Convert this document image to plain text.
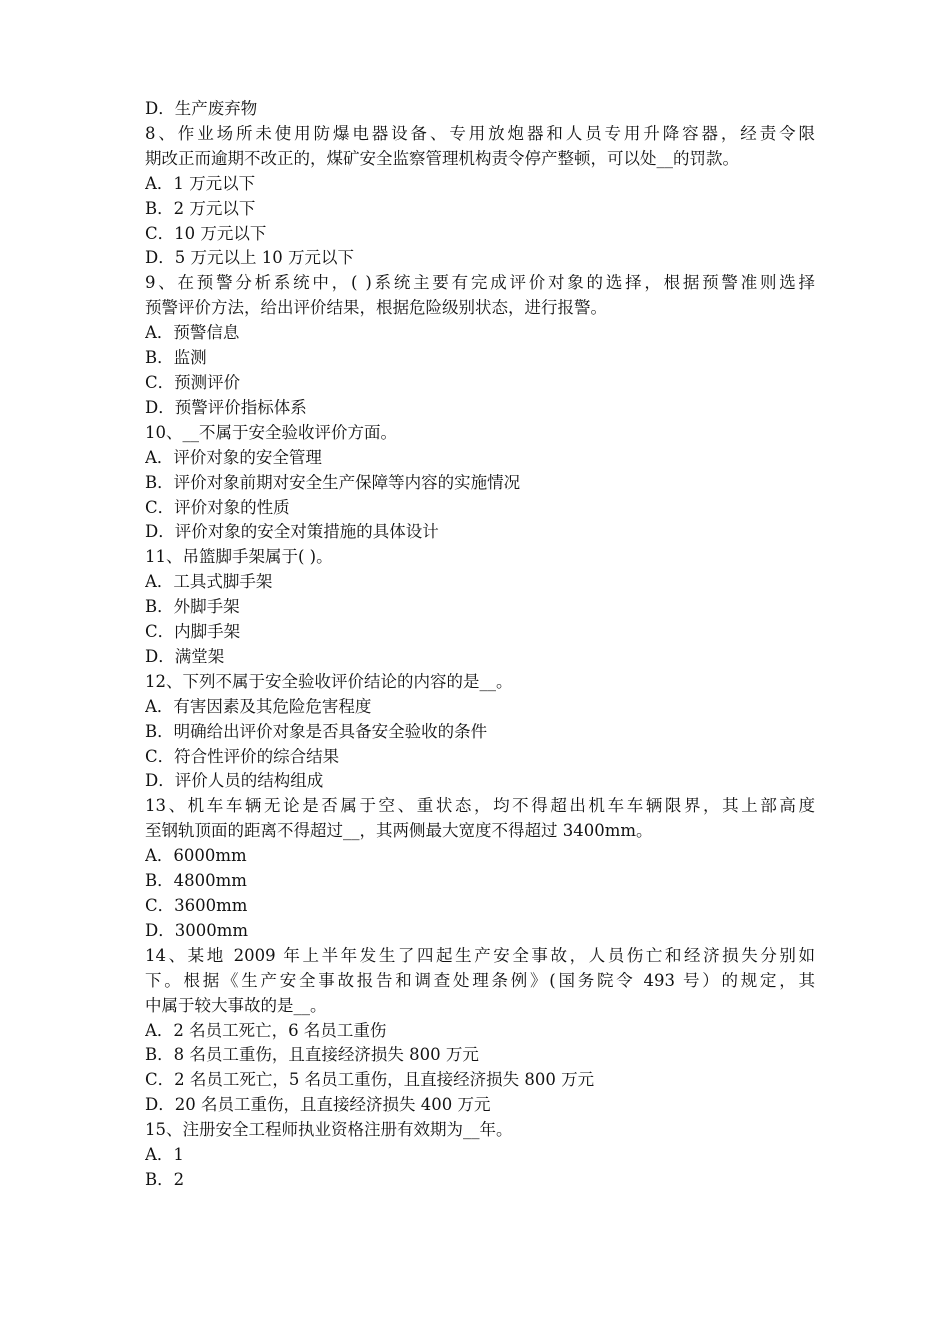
D．生产废弃物
8、作业场所未使用防爆电器设备、专用放炮器和人员专用升降容器，经责令限
期改正而逾期不改正的，煤矿安全监察管理机构责令停产整顿，可以处__的罚款。
A．1 万元以下
B．2 万元以下
C．10 万元以下
D．5 万元以上 10 万元以下
9、在预警分析系统中，( )系统主要有完成评价对象的选择，根据预警准则选择
预警评价方法，给出评价结果，根据危险级别状态，进行报警。
A．预警信息
B．监测
C．预测评价
D．预警评价指标体系
10、__不属于安全验收评价方面。
A．评价对象的安全管理
B．评价对象前期对安全生产保障等内容的实施情况
C．评价对象的性质
D．评价对象的安全对策措施的具体设计
11、吊篮脚手架属于( )。
A．工具式脚手架
B．外脚手架
C．内脚手架
D．满堂架
12、下列不属于安全验收评价结论的内容的是__。
A．有害因素及其危险危害程度
B．明确给出评价对象是否具备安全验收的条件
C．符合性评价的综合结果
D．评价人员的结构组成
13、机车车辆无论是否属于空、重状态，均不得超出机车车辆限界，其上部高度
至钢轨顶面的距离不得超过__，其两侧最大宽度不得超过 3400mm。
A．6000mm
B．4800mm
C．3600mm
D．3000mm
14、某地 2009 年上半年发生了四起生产安全事故，人员伤亡和经济损失分别如
下。根据《生产安全事故报告和调查处理条例》(国务院令 493 号）的规定，其
中属于较大事故的是__。
A．2 名员工死亡，6 名员工重伤
B．8 名员工重伤，且直接经济损失 800 万元
C．2 名员工死亡，5 名员工重伤，且直接经济损失 800 万元
D．20 名员工重伤，且直接经济损失 400 万元
15、注册安全工程师执业资格注册有效期为__年。
A．1
B．2
